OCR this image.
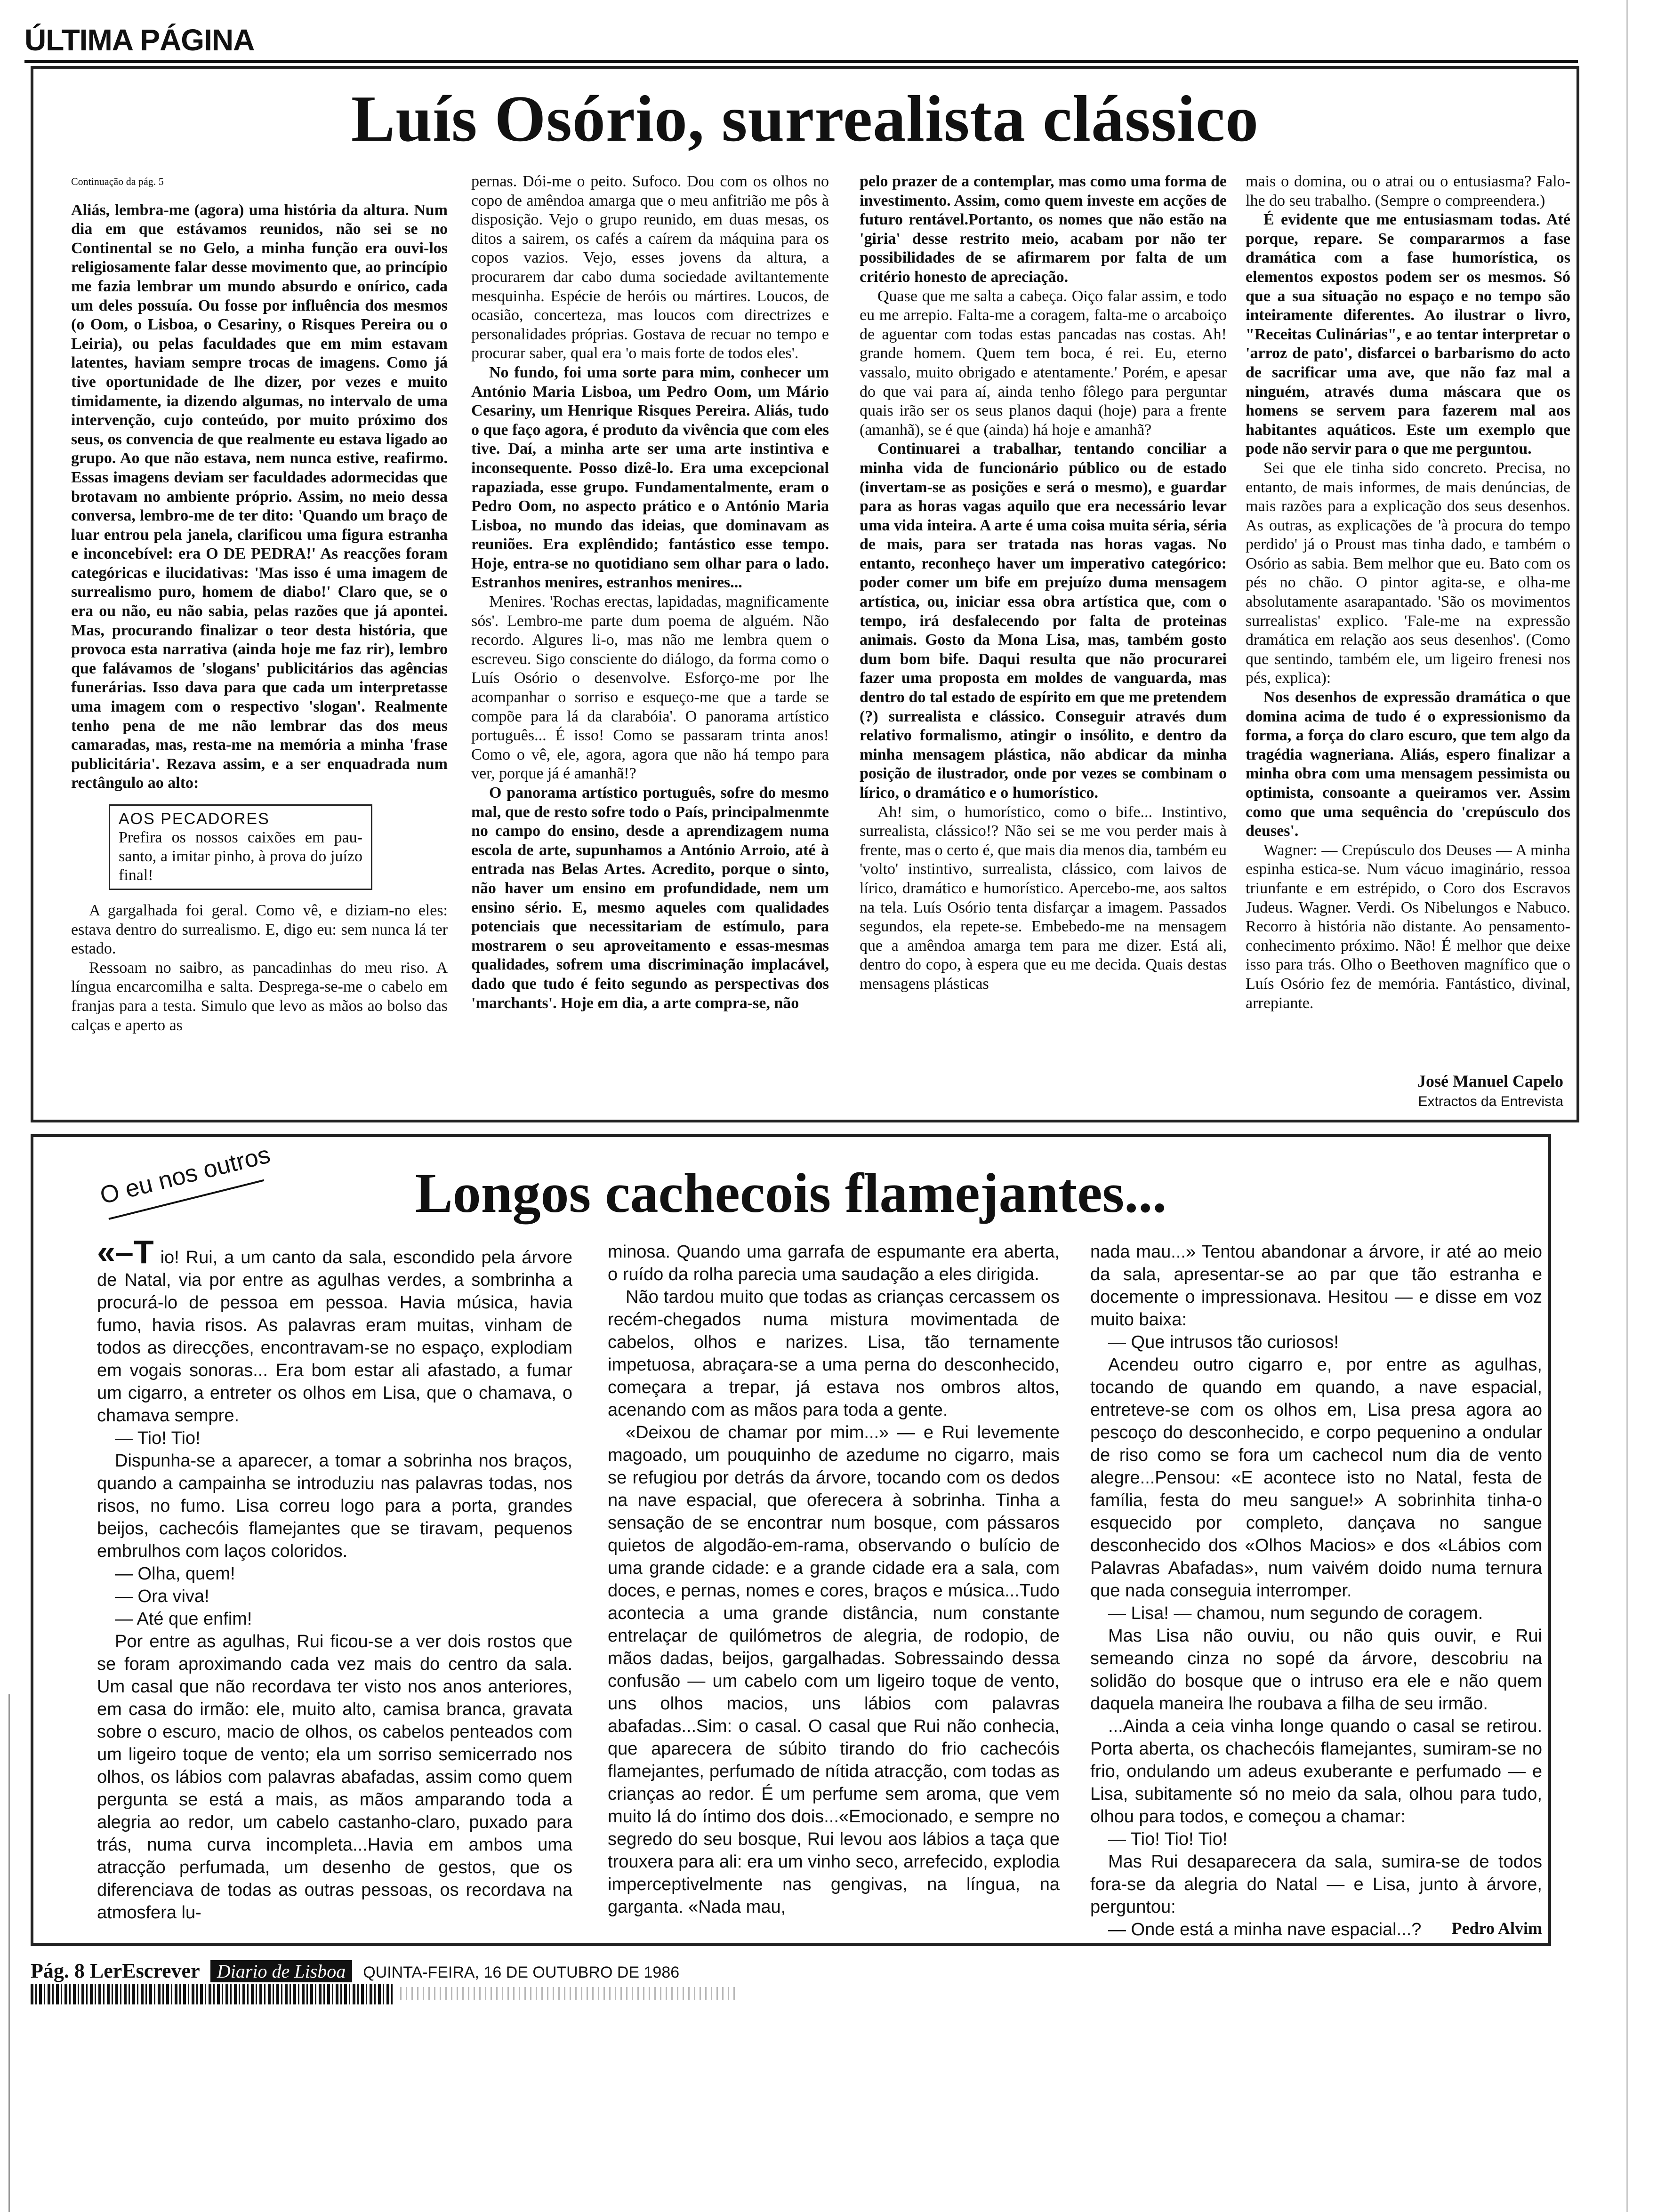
ÚLTIMA PÁGINA
Luís Osório, surrealista clássico
Continuação da pág. 5

Aliás, lembra-me (agora) uma história da altura. Num dia em que estávamos reunidos, não sei se no Continental se no Gelo, a minha função era ouvi-los religiosamente falar desse movimento que, ao princípio me fazia lembrar um mundo absurdo e onírico, cada um deles possuía. Ou fosse por influência dos mesmos (o Oom, o Lisboa, o Cesariny, o Risques Pereira ou o Leiria), ou pelas faculdades que em mim estavam latentes, haviam sempre trocas de imagens. Como já tive oportunidade de lhe dizer, por vezes e muito timidamente, ia dizendo algumas, no intervalo de uma intervenção, cujo conteúdo, por muito próximo dos seus, os convencia de que realmente eu estava ligado ao grupo. Ao que não estava, nem nunca estive, reafirmo. Essas imagens deviam ser faculdades adormecidas que brotavam no ambiente próprio. Assim, no meio dessa conversa, lembro-me de ter dito: 'Quando um braço de luar entrou pela janela, clarificou uma figura estranha e inconcebível: era O DE PEDRA!' As reacções foram categóricas e ilucidativas: 'Mas isso é uma imagem de surrealismo puro, homem de diabo!' Claro que, se o era ou não, eu não sabia, pelas razões que já apontei. Mas, procurando finalizar o teor desta história, que provoca esta narrativa (ainda hoje me faz rir), lembro que falávamos de 'slogans' publicitários das agências funerárias. Isso dava para que cada um interpretasse uma imagem com o respectivo 'slogan'. Realmente tenho pena de me não lembrar das dos meus camaradas, mas, resta-me na memória a minha 'frase publicitária'. Rezava assim, e a ser enquadrada num rectângulo ao alto:

AOS PECADORES
Prefira os nossos caixões em pau-santo, a imitar pinho, à prova do juízo final!

A gargalhada foi geral. Como vê, e diziam-no eles: estava dentro do surrealismo. E, digo eu: sem nunca lá ter estado.

Ressoam no saibro, as pancadinhas do meu riso. A língua encarcomilha e salta. Desprega-se-me o cabelo em franjas para a testa. Simulo que levo as mãos ao bolso das calças e aperto as

pernas. Dói-me o peito. Sufoco. Dou com os olhos no copo de amêndoa amarga que o meu anfitrião me pôs à disposição. Vejo o grupo reunido, em duas mesas, os ditos a sairem, os cafés a caírem da máquina para os copos vazios. Vejo, esses jovens da altura, a procurarem dar cabo duma sociedade aviltantemente mesquinha. Espécie de heróis ou mártires. Loucos, de ocasião, concerteza, mas loucos com directrizes e personalidades próprias. Gostava de recuar no tempo e procurar saber, qual era 'o mais forte de todos eles'.

No fundo, foi uma sorte para mim, conhecer um António Maria Lisboa, um Pedro Oom, um Mário Cesariny, um Henrique Risques Pereira. Aliás, tudo o que faço agora, é produto da vivência que com eles tive. Daí, a minha arte ser uma arte instintiva e inconsequente. Posso dizê-lo. Era uma excepcional rapaziada, esse grupo. Fundamentalmente, eram o Pedro Oom, no aspecto prático e o António Maria Lisboa, no mundo das ideias, que dominavam as reuniões. Era explêndido; fantástico esse tempo. Hoje, entra-se no quotidiano sem olhar para o lado. Estranhos menires, estranhos menires...

Menires. 'Rochas erectas, lapidadas, magnificamente sós'. Lembro-me parte dum poema de alguém. Não recordo. Algures li-o, mas não me lembra quem o escreveu. Sigo consciente do diálogo, da forma como o Luís Osório o desenvolve. Esforço-me por lhe acompanhar o sorriso e esqueço-me que a tarde se compõe para lá da clarabóia'. O panorama artístico português... É isso! Como se passaram trinta anos! Como o vê, ele, agora, agora que não há tempo para ver, porque já é amanhã!?

O panorama artístico português, sofre do mesmo mal, que de resto sofre todo o País, principalmenmte no campo do ensino, desde a aprendizagem numa escola de arte, supunhamos a António Arroio, até à entrada nas Belas Artes. Acredito, porque o sinto, não haver um ensino em profundidade, nem um ensino sério. E, mesmo aqueles com qualidades potenciais que necessitariam de estímulo, para mostrarem o seu aproveitamento e essas-mesmas qualidades, sofrem uma discriminação implacável, dado que tudo é feito segundo as perspectivas dos 'marchants'. Hoje em dia, a arte compra-se, não

pelo prazer de a contemplar, mas como uma forma de investimento. Assim, como quem investe em acções de futuro rentável.Portanto, os nomes que não estão na 'giria' desse restrito meio, acabam por não ter possibilidades de se afirmarem por falta de um critério honesto de apreciação.

Quase que me salta a cabeça. Oiço falar assim, e todo eu me arrepio. Falta-me a coragem, falta-me o arcaboiço de aguentar com todas estas pancadas nas costas. Ah! grande homem. Quem tem boca, é rei. Eu, eterno vassalo, muito obrigado e atentamente.' Porém, e apesar do que vai para aí, ainda tenho fôlego para perguntar quais irão ser os seus planos daqui (hoje) para a frente (amanhã), se é que (ainda) há hoje e amanhã?

Continuarei a trabalhar, tentando conciliar a minha vida de funcionário público ou de estado (invertam-se as posições e será o mesmo), e guardar para as horas vagas aquilo que era necessário levar uma vida inteira. A arte é uma coisa muita séria, séria de mais, para ser tratada nas horas vagas. No entanto, reconheço haver um imperativo categórico: poder comer um bife em prejuízo duma mensagem artística, ou, iniciar essa obra artística que, com o tempo, irá desfalecendo por falta de proteinas animais. Gosto da Mona Lisa, mas, também gosto dum bom bife. Daqui resulta que não procurarei fazer uma proposta em moldes de vanguarda, mas dentro do tal estado de espírito em que me pretendem (?) surrealista e clássico. Conseguir através dum relativo formalismo, atingir o insólito, e dentro da minha mensagem plástica, não abdicar da minha posição de ilustrador, onde por vezes se combinam o lírico, o dramático e o humorístico.

Ah! sim, o humorístico, como o bife... Instintivo, surrealista, clássico!? Não sei se me vou perder mais à frente, mas o certo é, que mais dia menos dia, também eu 'volto' instintivo, surrealista, clássico, com laivos de lírico, dramático e humorístico. Apercebo-me, aos saltos na tela. Luís Osório tenta disfarçar a imagem. Passados segundos, ela repete-se. Embebedo-me na mensagem que a amêndoa amarga tem para me dizer. Está ali, dentro do copo, à espera que eu me decida. Quais destas mensagens plásticas

mais o domina, ou o atrai ou o entusiasma? Falo-lhe do seu trabalho. (Sempre o compreendera.)

É evidente que me entusiasmam todas. Até porque, repare. Se compararmos a fase dramática com a fase humorística, os elementos expostos podem ser os mesmos. Só que a sua situação no espaço e no tempo são inteiramente diferentes. Ao ilustrar o livro, "Receitas Culinárias", e ao tentar interpretar o 'arroz de pato', disfarcei o barbarismo do acto de sacrificar uma ave, que não faz mal a ninguém, através duma máscara que os homens se servem para fazerem mal aos habitantes aquáticos. Este um exemplo que pode não servir para o que me perguntou.

Sei que ele tinha sido concreto. Precisa, no entanto, de mais informes, de mais denúncias, de mais razões para a explicação dos seus desenhos. As outras, as explicações de 'à procura do tempo perdido' já o Proust mas tinha dado, e também o Osório as sabia. Bem melhor que eu. Bato com os pés no chão. O pintor agita-se, e olha-me absolutamente asarapantado. 'São os movimentos surrealistas' explico. 'Fale-me na expressão dramática em relação aos seus desenhos'. (Como que sentindo, também ele, um ligeiro frenesi nos pés, explica):

Nos desenhos de expressão dramática o que domina acima de tudo é o expressionismo da forma, a força do claro escuro, que tem algo da tragédia wagneriana. Aliás, espero finalizar a minha obra com uma mensagem pessimista ou optimista, consoante a queiramos ver. Assim como que uma sequência do 'crepúsculo dos deuses'.

Wagner: — Crepúsculo dos Deuses — A minha espinha estica-se. Num vácuo imaginário, ressoa triunfante e em estrépido, o Coro dos Escravos Judeus. Wagner. Verdi. Os Nibelungos e Nabuco. Recorro à história não distante. Ao pensamento-conhecimento próximo. Não! É melhor que deixe isso para trás. Olho o Beethoven magnífico que o Luís Osório fez de memória. Fantástico, divinal, arrepiante.

José Manuel Capelo
Extractos da Entrevista
O eu nos outros	Longos cachecois flamejantes...

«–T io! Rui, a um canto da sala, escondido pela árvore de Natal, via por entre as agulhas verdes, a sombrinha a procurá-lo de pessoa em pessoa. Havia música, havia fumo, havia risos. As palavras eram muitas, vinham de todos as direcções, encontravam-se no espaço, explodiam em vogais sonoras... Era bom estar ali afastado, a fumar um cigarro, a entreter os olhos em Lisa, que o chamava, o chamava sempre.

— Tio! Tio!

Dispunha-se a aparecer, a tomar a sobrinha nos braços, quando a campainha se introduziu nas palavras todas, nos risos, no fumo. Lisa correu logo para a porta, grandes beijos, cachecóis flamejantes que se tiravam, pequenos embrulhos com laços coloridos.

— Olha, quem!

— Ora viva!

— Até que enfim!

Por entre as agulhas, Rui ficou-se a ver dois rostos que se foram aproximando cada vez mais do centro da sala. Um casal que não recordava ter visto nos anos anteriores, em casa do irmão: ele, muito alto, camisa branca, gravata sobre o escuro, macio de olhos, os cabelos penteados com um ligeiro toque de vento; ela um sorriso semicerrado nos olhos, os lábios com palavras abafadas, assim como quem pergunta se está a mais, as mãos amparando toda a alegria ao redor, um cabelo castanho-claro, puxado para trás, numa curva incompleta...Havia em ambos uma atracção perfumada, um desenho de gestos, que os diferenciava de todas as outras pessoas, os recordava na atmosfera lu-

minosa. Quando uma garrafa de espumante era aberta, o ruído da rolha parecia uma saudação a eles dirigida.

Não tardou muito que todas as crianças cercassem os recém-chegados numa mistura movimentada de cabelos, olhos e narizes. Lisa, tão ternamente impetuosa, abraçara-se a uma perna do desconhecido, começara a trepar, já estava nos ombros altos, acenando com as mãos para toda a gente.

«Deixou de chamar por mim...» — e Rui levemente magoado, um pouquinho de azedume no cigarro, mais se refugiou por detrás da árvore, tocando com os dedos na nave espacial, que oferecera à sobrinha. Tinha a sensação de se encontrar num bosque, com pássaros quietos de algodão-em-rama, observando o bulício de uma grande cidade: e a grande cidade era a sala, com doces, e pernas, nomes e cores, braços e música...Tudo acontecia a uma grande distância, num constante entrelaçar de quilómetros de alegria, de rodopio, de mãos dadas, beijos, gargalhadas. Sobressaindo dessa confusão — um cabelo com um ligeiro toque de vento, uns olhos macios, uns lábios com palavras abafadas...Sim: o casal. O casal que Rui não conhecia, que aparecera de súbito tirando do frio cachecóis flamejantes, perfumado de nítida atracção, com todas as crianças ao redor. É um perfume sem aroma, que vem muito lá do íntimo dos dois...«Emocionado, e sempre no segredo do seu bosque, Rui levou aos lábios a taça que trouxera para ali: era um vinho seco, arrefecido, explodia imperceptivelmente nas gengivas, na língua, na garganta. «Nada mau,

nada mau...» Tentou abandonar a árvore, ir até ao meio da sala, apresentar-se ao par que tão estranha e docemente o impressionava. Hesitou — e disse em voz muito baixa:

— Que intrusos tão curiosos!

Acendeu outro cigarro e, por entre as agulhas, tocando de quando em quando, a nave espacial, entreteve-se com os olhos em, Lisa presa agora ao pescoço do desconhecido, e corpo pequenino a ondular de riso como se fora um cachecol num dia de vento alegre...Pensou: «E acontece isto no Natal, festa de família, festa do meu sangue!» A sobrinhita tinha-o esquecido por completo, dançava no sangue desconhecido dos «Olhos Macios» e dos «Lábios com Palavras Abafadas», num vaivém doido numa ternura que nada conseguia interromper.

— Lisa! — chamou, num segundo de coragem.

Mas Lisa não ouviu, ou não quis ouvir, e Rui semeando cinza no sopé da árvore, descobriu na solidão do bosque que o intruso era ele e não quem daquela maneira lhe roubava a filha de seu irmão.

...Ainda a ceia vinha longe quando o casal se retirou. Porta aberta, os chachecóis flamejantes, sumiram-se no frio, ondulando um adeus exuberante e perfumado — e Lisa, subitamente só no meio da sala, olhou para tudo, olhou para todos, e começou a chamar:

— Tio! Tio! Tio!

Mas Rui desaparecera da sala, sumira-se de todos fora-se da alegria do Natal — e Lisa, junto à árvore, perguntou:

— Onde está a minha nave espacial...?	Pedro Alvim
Pág. 8 LerEscrever Diario de Lisboa QUINTA-FEIRA, 16 DE OUTUBRO DE 1986
